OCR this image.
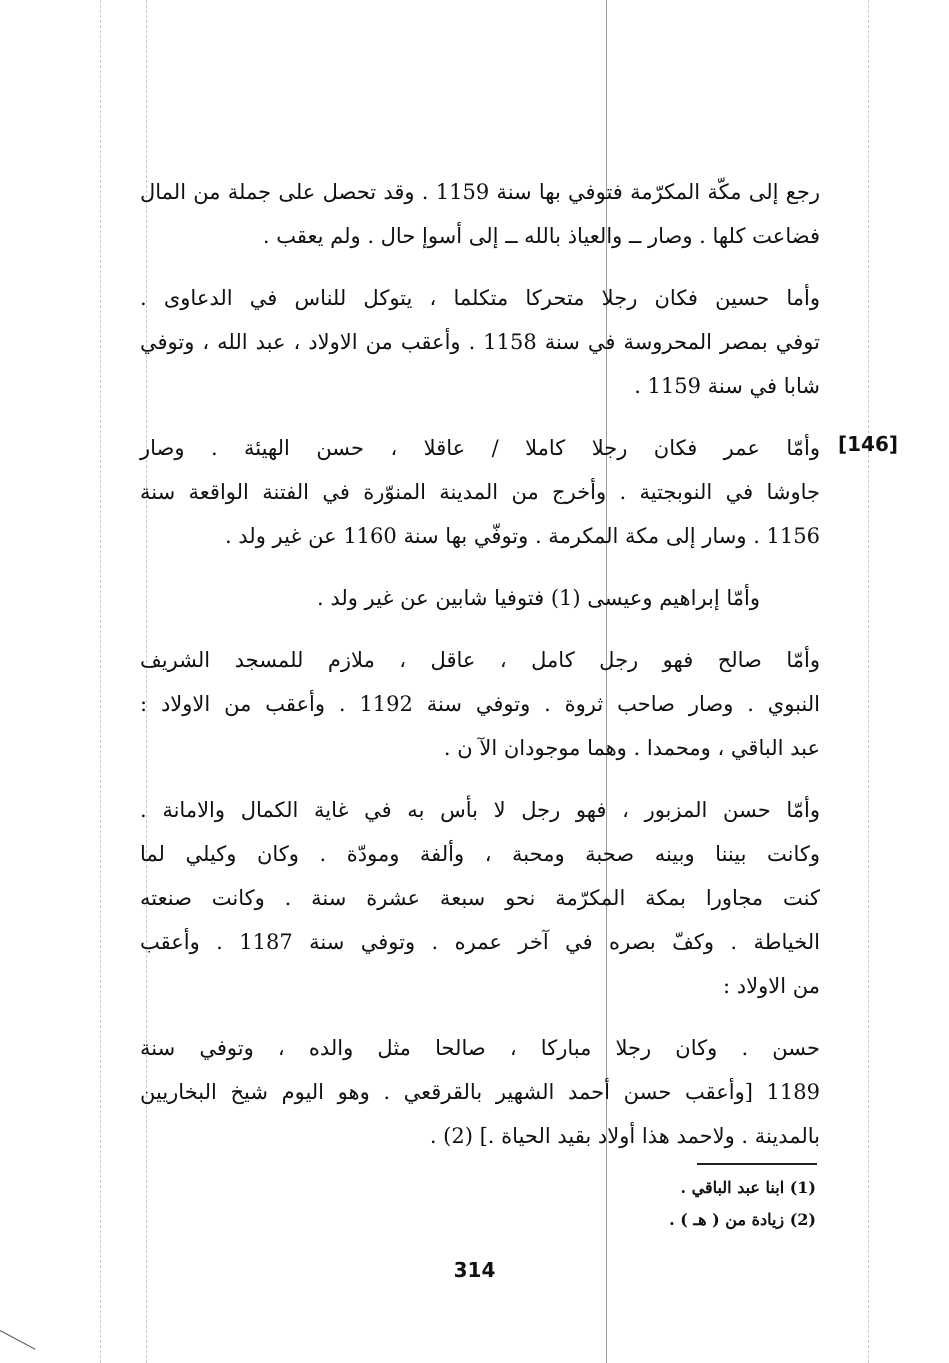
[146]
رجع إلى مكّة المكرّمة فتوفي بها سنة 1159 . وقد تحصل على جملة من المال
فضاعت كلها . وصار ــ والعياذ بالله ــ إلى أسوإ حال . ولم يعقب .
وأما حسين فكان رجلا متحركا متكلما ، يتوكل للناس في الدعاوى .
توفي بمصر المحروسة في سنة 1158 . وأعقب من الاولاد ، عبد الله ، وتوفي
شابا في سنة 1159 .
وأمّا عمر فكان رجلا كاملا / عاقلا ، حسن الهيئة . وصار
جاوشا في النوبجتية . وأخرج من المدينة المنوّرة في الفتنة الواقعة سنة
1156 . وسار إلى مكة المكرمة . وتوفّي بها سنة 1160 عن غير ولد .
وأمّا إبراهيم وعيسى (1) فتوفيا شابين عن غير ولد .
وأمّا صالح فهو رجل كامل ، عاقل ، ملازم للمسجد الشريف
النبوي . وصار صاحب ثروة . وتوفي سنة 1192 . وأعقب من الاولاد :
عبد الباقي ، ومحمدا . وهما موجودان الآ ن .
وأمّا حسن المزبور ، فهو رجل لا بأس به في غاية الكمال والامانة .
وكانت بيننا وبينه صحبة ومحبة ، وألفة ومودّة . وكان وكيلي لما
كنت مجاورا بمكة المكرّمة نحو سبعة عشرة سنة . وكانت صنعته
الخياطة . وكفّ بصره في آخر عمره . وتوفي سنة 1187 . وأعقب
من الاولاد :
حسن . وكان رجلا مباركا ، صالحا مثل والده ، وتوفي سنة
1189 [وأعقب حسن أحمد الشهير بالقرقعي . وهو اليوم شيخ البخاريين
بالمدينة . ولاحمد هذا أولاد بقيد الحياة .] (2) .
(1) ابنا عبد الباقي .
(2) زيادة من ( هـ ) .
314
